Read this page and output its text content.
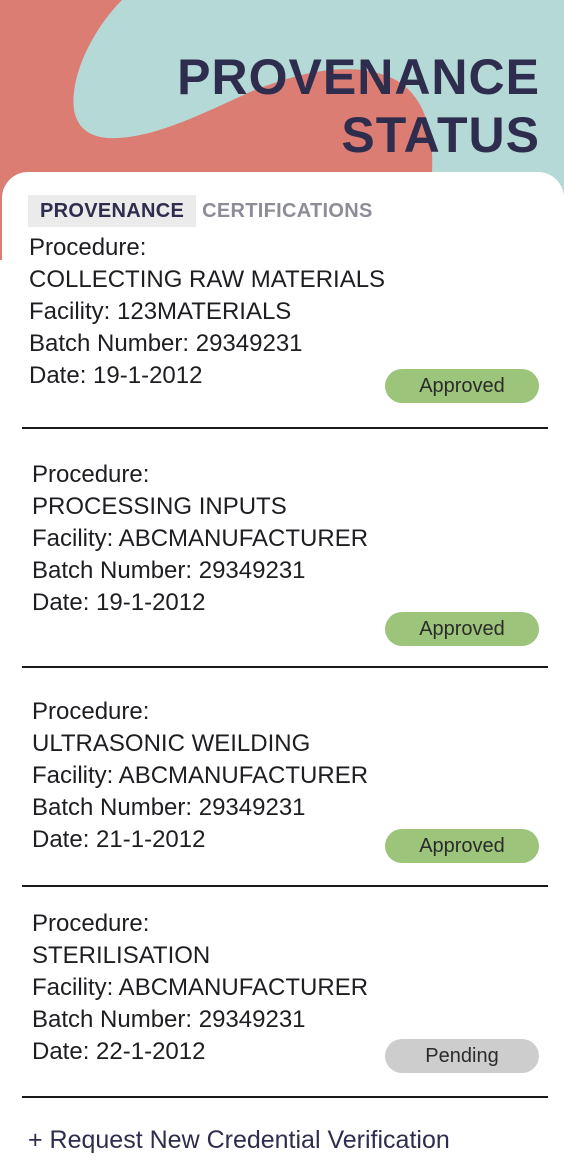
PROVENANCE
STATUS
PROVENANCE CERTIFICATIONS
Procedure:
COLLECTING RAW MATERIALS
Facility: 123MATERIALS
Batch Number: 29349231
Date: 19-1-2012	Approved
Procedure:
PROCESSING INPUTS
Facility: ABCMANUFACTURER
Batch Number: 29349231
Date: 19-1-2012
Approved
Procedure:
ULTRASONIC WEILDING
Facility: ABCMANUFACTURER
Batch Number: 29349231
Date: 21-1-2012	Approved
Procedure:
STERILISATION
Facility: ABCMANUFACTURER
Batch Number: 29349231
Date: 22-1-2012	Pending
+ Request New Credential Verification
